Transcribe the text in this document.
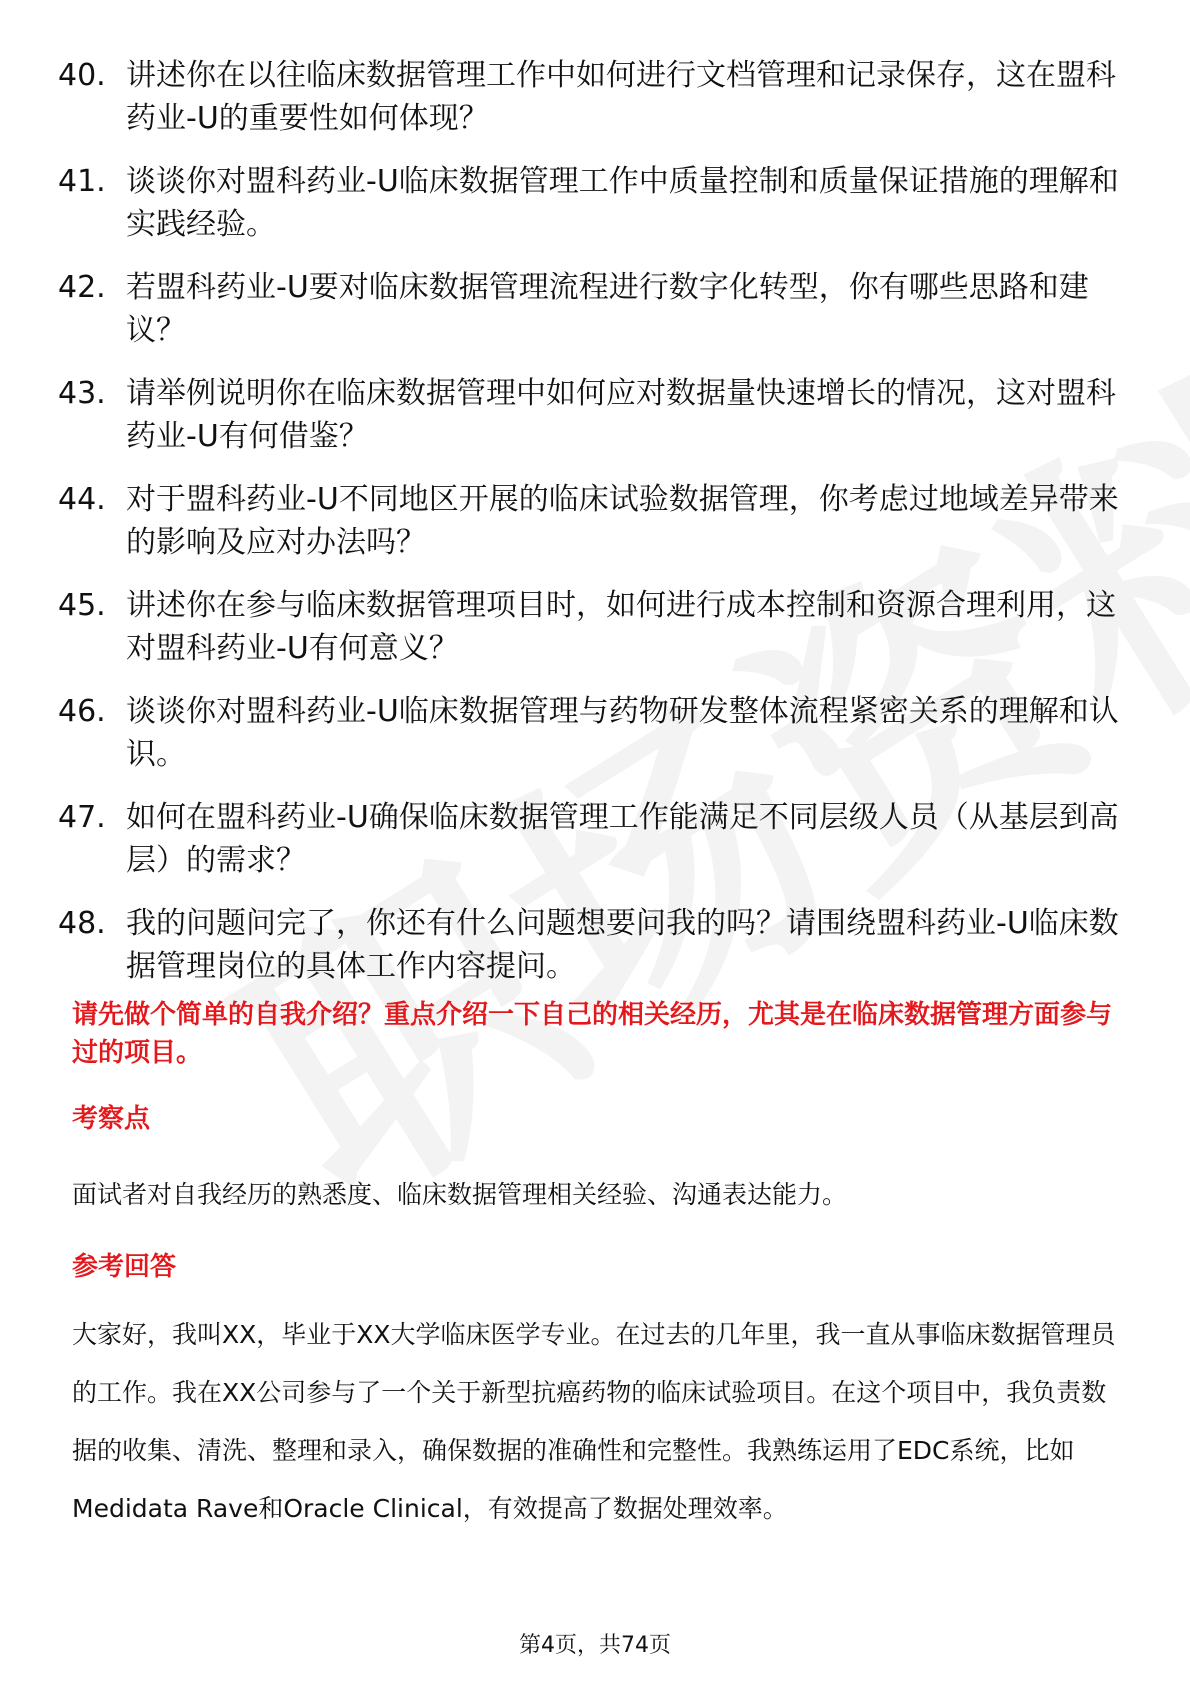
40. 讲述你在以往临床数据管理工作中如何进行文档管理和记录保存，这在盟科药业-U的重要性如何体现？
41. 谈谈你对盟科药业-U临床数据管理工作中质量控制和质量保证措施的理解和实践经验。
42. 若盟科药业-U要对临床数据管理流程进行数字化转型，你有哪些思路和建议？
43. 请举例说明你在临床数据管理中如何应对数据量快速增长的情况，这对盟科药业-U有何借鉴？
44. 对于盟科药业-U不同地区开展的临床试验数据管理，你考虑过地域差异带来的影响及应对办法吗？
45. 讲述你在参与临床数据管理项目时，如何进行成本控制和资源合理利用，这对盟科药业-U有何意义？
46. 谈谈你对盟科药业-U临床数据管理与药物研发整体流程紧密关系的理解和认识。
47. 如何在盟科药业-U确保临床数据管理工作能满足不同层级人员（从基层到高层）的需求？
48. 我的问题问完了，你还有什么问题想要问我的吗？请围绕盟科药业-U临床数据管理岗位的具体工作内容提问。
请先做个简单的自我介绍？重点介绍一下自己的相关经历，尤其是在临床数据管理方面参与过的项目。
考察点
面试者对自我经历的熟悉度、临床数据管理相关经验、沟通表达能力。
参考回答
大家好，我叫XX，毕业于XX大学临床医学专业。在过去的几年里，我一直从事临床数据管理员的工作。我在XX公司参与了一个关于新型抗癌药物的临床试验项目。在这个项目中，我负责数据的收集、清洗、整理和录入，确保数据的准确性和完整性。我熟练运用了EDC系统，比如Medidata Rave和Oracle Clinical，有效提高了数据处理效率。
第4页，共74页
